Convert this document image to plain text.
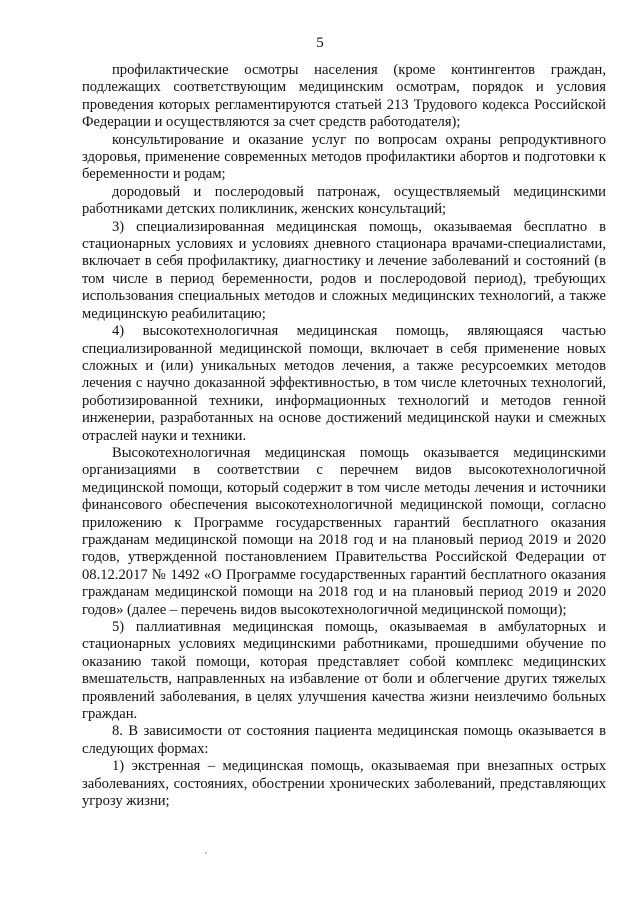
5

профилактические осмотры населения (кроме контингентов граждан, подлежащих соответствующим медицинским осмотрам, порядок и условия проведения которых регламентируются статьей 213 Трудового кодекса Российской Федерации и осуществляются за счет средств работодателя);

консультирование и оказание услуг по вопросам охраны репродуктивного здоровья, применение современных методов профилактики абортов и подготовки к беременности и родам;

дородовый и послеродовый патронаж, осуществляемый медицинскими работниками детских поликлиник, женских консультаций;

3) специализированная медицинская помощь, оказываемая бесплатно в стационарных условиях и условиях дневного стационара врачами-специалистами, включает в себя профилактику, диагностику и лечение заболеваний и состояний (в том числе в период беременности, родов и послеродовой период), требующих использования специальных методов и сложных медицинских технологий, а также медицинскую реабилитацию;

4) высокотехнологичная медицинская помощь, являющаяся частью специализированной медицинской помощи, включает в себя применение новых сложных и (или) уникальных методов лечения, а также ресурсоемких методов лечения с научно доказанной эффективностью, в том числе клеточных технологий, роботизированной техники, информационных технологий и методов генной инженерии, разработанных на основе достижений медицинской науки и смежных отраслей науки и техники.

Высокотехнологичная медицинская помощь оказывается медицинскими организациями в соответствии с перечнем видов высокотехнологичной медицинской помощи, который содержит в том числе методы лечения и источники финансового обеспечения высокотехнологичной медицинской помощи, согласно приложению к Программе государственных гарантий бесплатного оказания гражданам медицинской помощи на 2018 год и на плановый период 2019 и 2020 годов, утвержденной постановлением Правительства Российской Федерации от 08.12.2017 № 1492 «О Программе государственных гарантий бесплатного оказания гражданам медицинской помощи на 2018 год и на плановый период 2019 и 2020 годов» (далее – перечень видов высокотехнологичной медицинской помощи);

5) паллиативная медицинская помощь, оказываемая в амбулаторных и стационарных условиях медицинскими работниками, прошедшими обучение по оказанию такой помощи, которая представляет собой комплекс медицинских вмешательств, направленных на избавление от боли и облегчение других тяжелых проявлений заболевания, в целях улучшения качества жизни неизлечимо больных граждан.

8. В зависимости от состояния пациента медицинская помощь оказывается в следующих формах:

1) экстренная – медицинская помощь, оказываемая при внезапных острых заболеваниях, состояниях, обострении хронических заболеваний, представляющих угрозу жизни;
